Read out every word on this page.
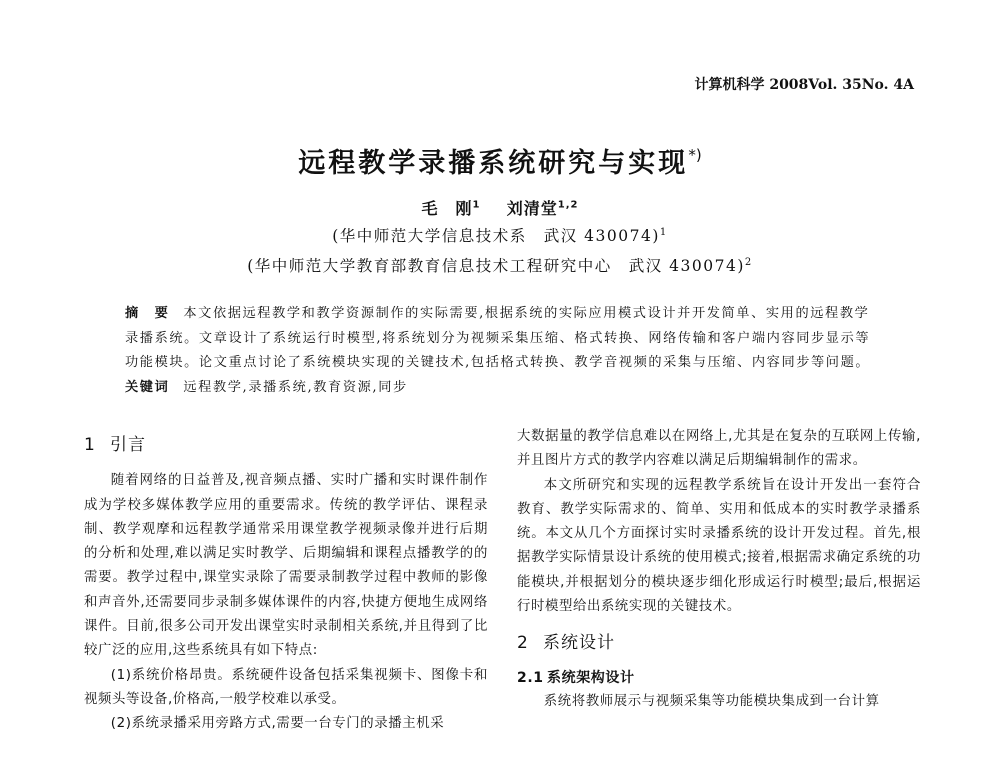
计算机科学 2008Vol. 35No. 4A
远程教学录播系统研究与实现*)
毛　刚$^1$ 刘清堂$^{1,2}$
(华中师范大学信息技术系　武汉 430074)$^1$
(华中师范大学教育部教育信息技术工程研究中心　武汉 430074)$^2$

摘　要 本文依据远程教学和教学资源制作的实际需要,根据系统的实际应用模式设计并开发简单、实用的远程教学

录播系统。文章设计了系统运行时模型,将系统划分为视频采集压缩、格式转换、网络传输和客户端内容同步显示等

功能模块。论文重点讨论了系统模块实现的关键技术,包括格式转换、教学音视频的采集与压缩、内容同步等问题。

关键词 远程教学,录播系统,教育资源,同步

1 引言

随着网络的日益普及,视音频点播、实时广播和实时课件制作成为学校多媒体教学应用的重要需求。传统的教学评估、课程录制、教学观摩和远程教学通常采用课堂教学视频录像并进行后期的分析和处理,难以满足实时教学、后期编辑和课程点播教学的的需要。教学过程中,课堂实录除了需要录制教学过程中教师的影像和声音外,还需要同步录制多媒体课件的内容,快捷方便地生成网络课件。目前,很多公司开发出课堂实时录制相关系统,并且得到了比较广泛的应用,这些系统具有如下特点:

(1)系统价格昂贵。系统硬件设备包括采集视频卡、图像卡和视频头等设备,价格高,一般学校难以承受。

(2)系统录播采用旁路方式,需要一台专门的录播主机采

大数据量的教学信息难以在网络上,尤其是在复杂的互联网上传输,并且图片方式的教学内容难以满足后期编辑制作的需求。

本文所研究和实现的远程教学系统旨在设计开发出一套符合教育、教学实际需求的、简单、实用和低成本的实时教学录播系统。本文从几个方面探讨实时录播系统的设计开发过程。首先,根据教学实际情景设计系统的使用模式;接着,根据需求确定系统的功能模块,并根据划分的模块逐步细化形成运行时模型;最后,根据运行时模型给出系统实现的关键技术。

2 系统设计
2.1 系统架构设计

系统将教师展示与视频采集等功能模块集成到一台计算
